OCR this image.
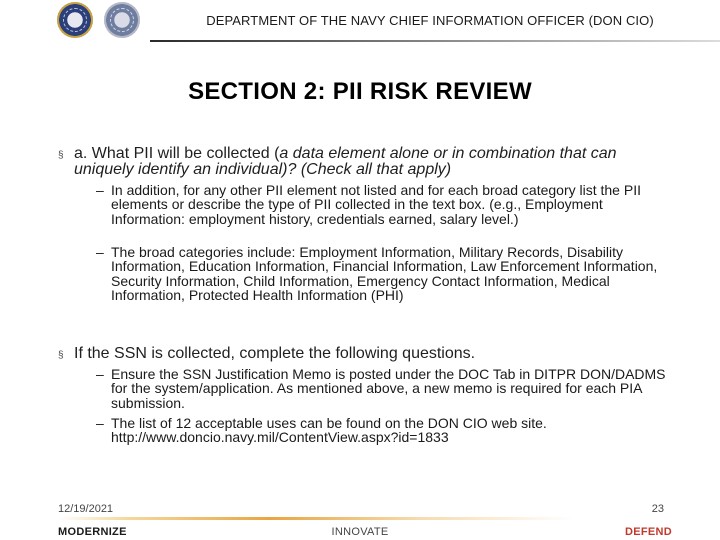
DEPARTMENT OF THE NAVY CHIEF INFORMATION OFFICER (DON CIO)
SECTION 2: PII RISK REVIEW
§ a. What PII will be collected (a data element alone or in combination that can uniquely identify an individual)? (Check all that apply)
– In addition, for any other PII element not listed and for each broad category list the PII elements or describe the type of PII collected in the text box. (e.g., Employment Information: employment history, credentials earned, salary level.)
– The broad categories include: Employment Information, Military Records, Disability Information, Education Information, Financial Information, Law Enforcement Information, Security Information, Child Information, Emergency Contact Information, Medical Information, Protected Health Information (PHI)
§ If the SSN is collected, complete the following questions.
– Ensure the SSN Justification Memo is posted under the DOC Tab in DITPR DON/DADMS for the system/application. As mentioned above, a new memo is required for each PIA submission.
– The list of 12 acceptable uses can be found on the DON CIO web site. http://www.doncio.navy.mil/ContentView.aspx?id=1833
12/19/2021	23
MODERNIZE	INNOVATE	DEFEND
